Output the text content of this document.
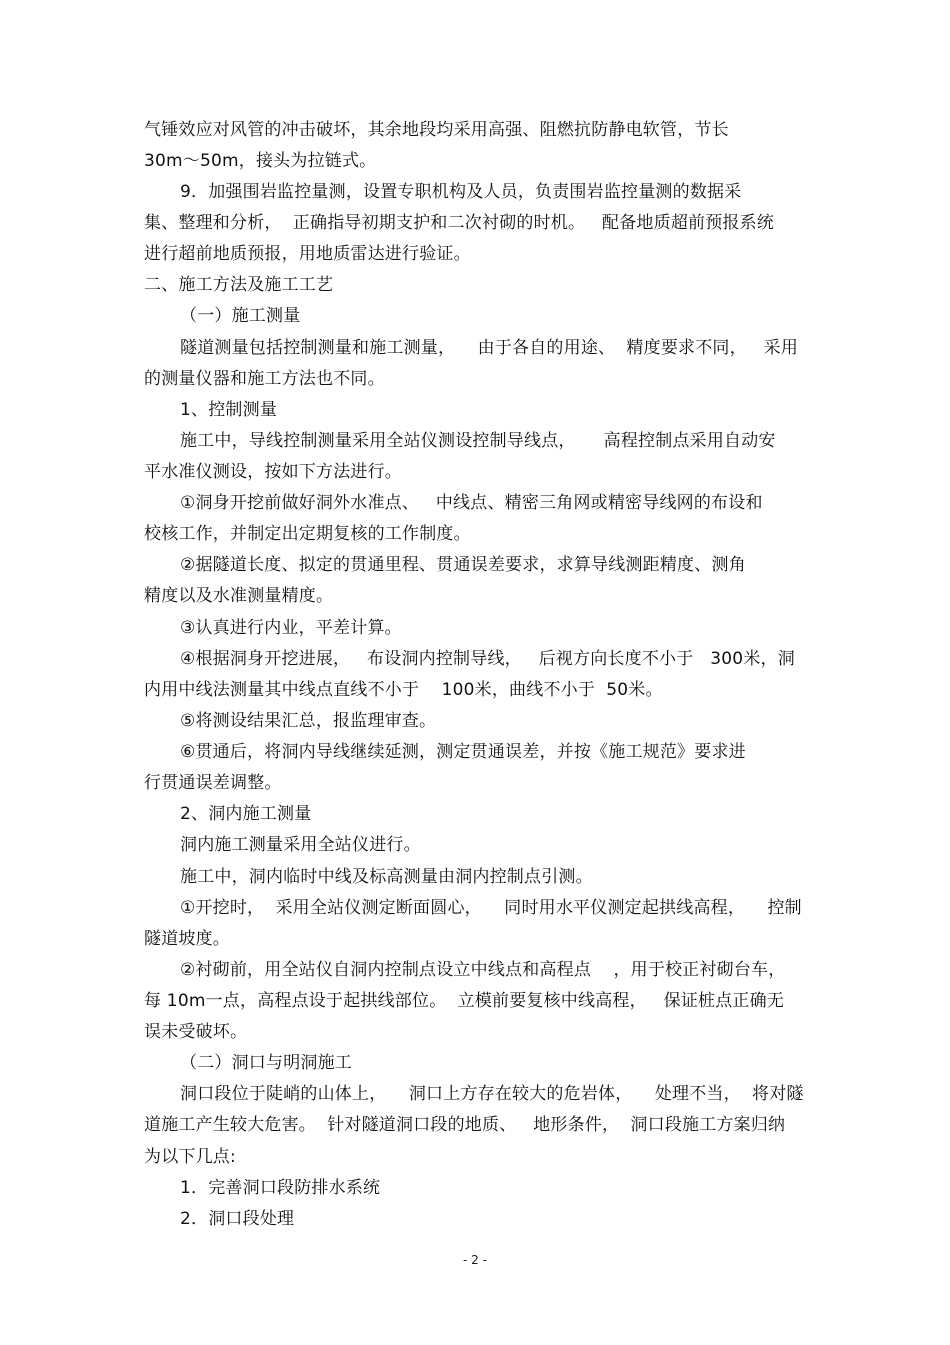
气锤效应对风管的冲击破坏，其余地段均采用高强、阻燃抗防静电软管，节长
30m～50m，接头为拉链式。
9．加强围岩监控量测，设置专职机构及人员，负责围岩监控量测的数据采
集、整理和分析，  正确指导初期支护和二次衬砌的时机。   配备地质超前预报系统
进行超前地质预报，用地质雷达进行验证。
二、施工方法及施工工艺
（一）施工测量
隧道测量包括控制测量和施工测量，    由于各自的用途、  精度要求不同，   采用
的测量仪器和施工方法也不同。
1、控制测量
施工中，导线控制测量采用全站仪测设控制导线点，     高程控制点采用自动安
平水准仪测设，按如下方法进行。
①洞身开挖前做好洞外水准点、   中线点、精密三角网或精密导线网的布设和
校核工作，并制定出定期复核的工作制度。
②据隧道长度、拟定的贯通里程、贯通误差要求，求算导线测距精度、测角
精度以及水准测量精度。
③认真进行内业，平差计算。
④根据洞身开挖进展，   布设洞内控制导线，   后视方向长度不小于   300米，洞
内用中线法测量其中线点直线不小于    100米，曲线不小于  50米。
⑤将测设结果汇总，报监理审查。
⑥贯通后，将洞内导线继续延测，测定贯通误差，并按《施工规范》要求进
行贯通误差调整。
2、洞内施工测量
洞内施工测量采用全站仪进行。
施工中，洞内临时中线及标高测量由洞内控制点引测。
①开挖时，  采用全站仪测定断面圆心，    同时用水平仪测定起拱线高程，    控制
隧道坡度。
②衬砌前，用全站仪自洞内控制点设立中线点和高程点    ，用于校正衬砌台车，
每 10m一点，高程点设于起拱线部位。  立模前要复核中线高程，   保证桩点正确无
误未受破坏。
（二）洞口与明洞施工
洞口段位于陡峭的山体上，    洞口上方存在较大的危岩体，    处理不当，  将对隧
道施工产生较大危害。  针对隧道洞口段的地质、   地形条件，  洞口段施工方案归纳
为以下几点:
1．完善洞口段防排水系统
2．洞口段处理
- 2 -
